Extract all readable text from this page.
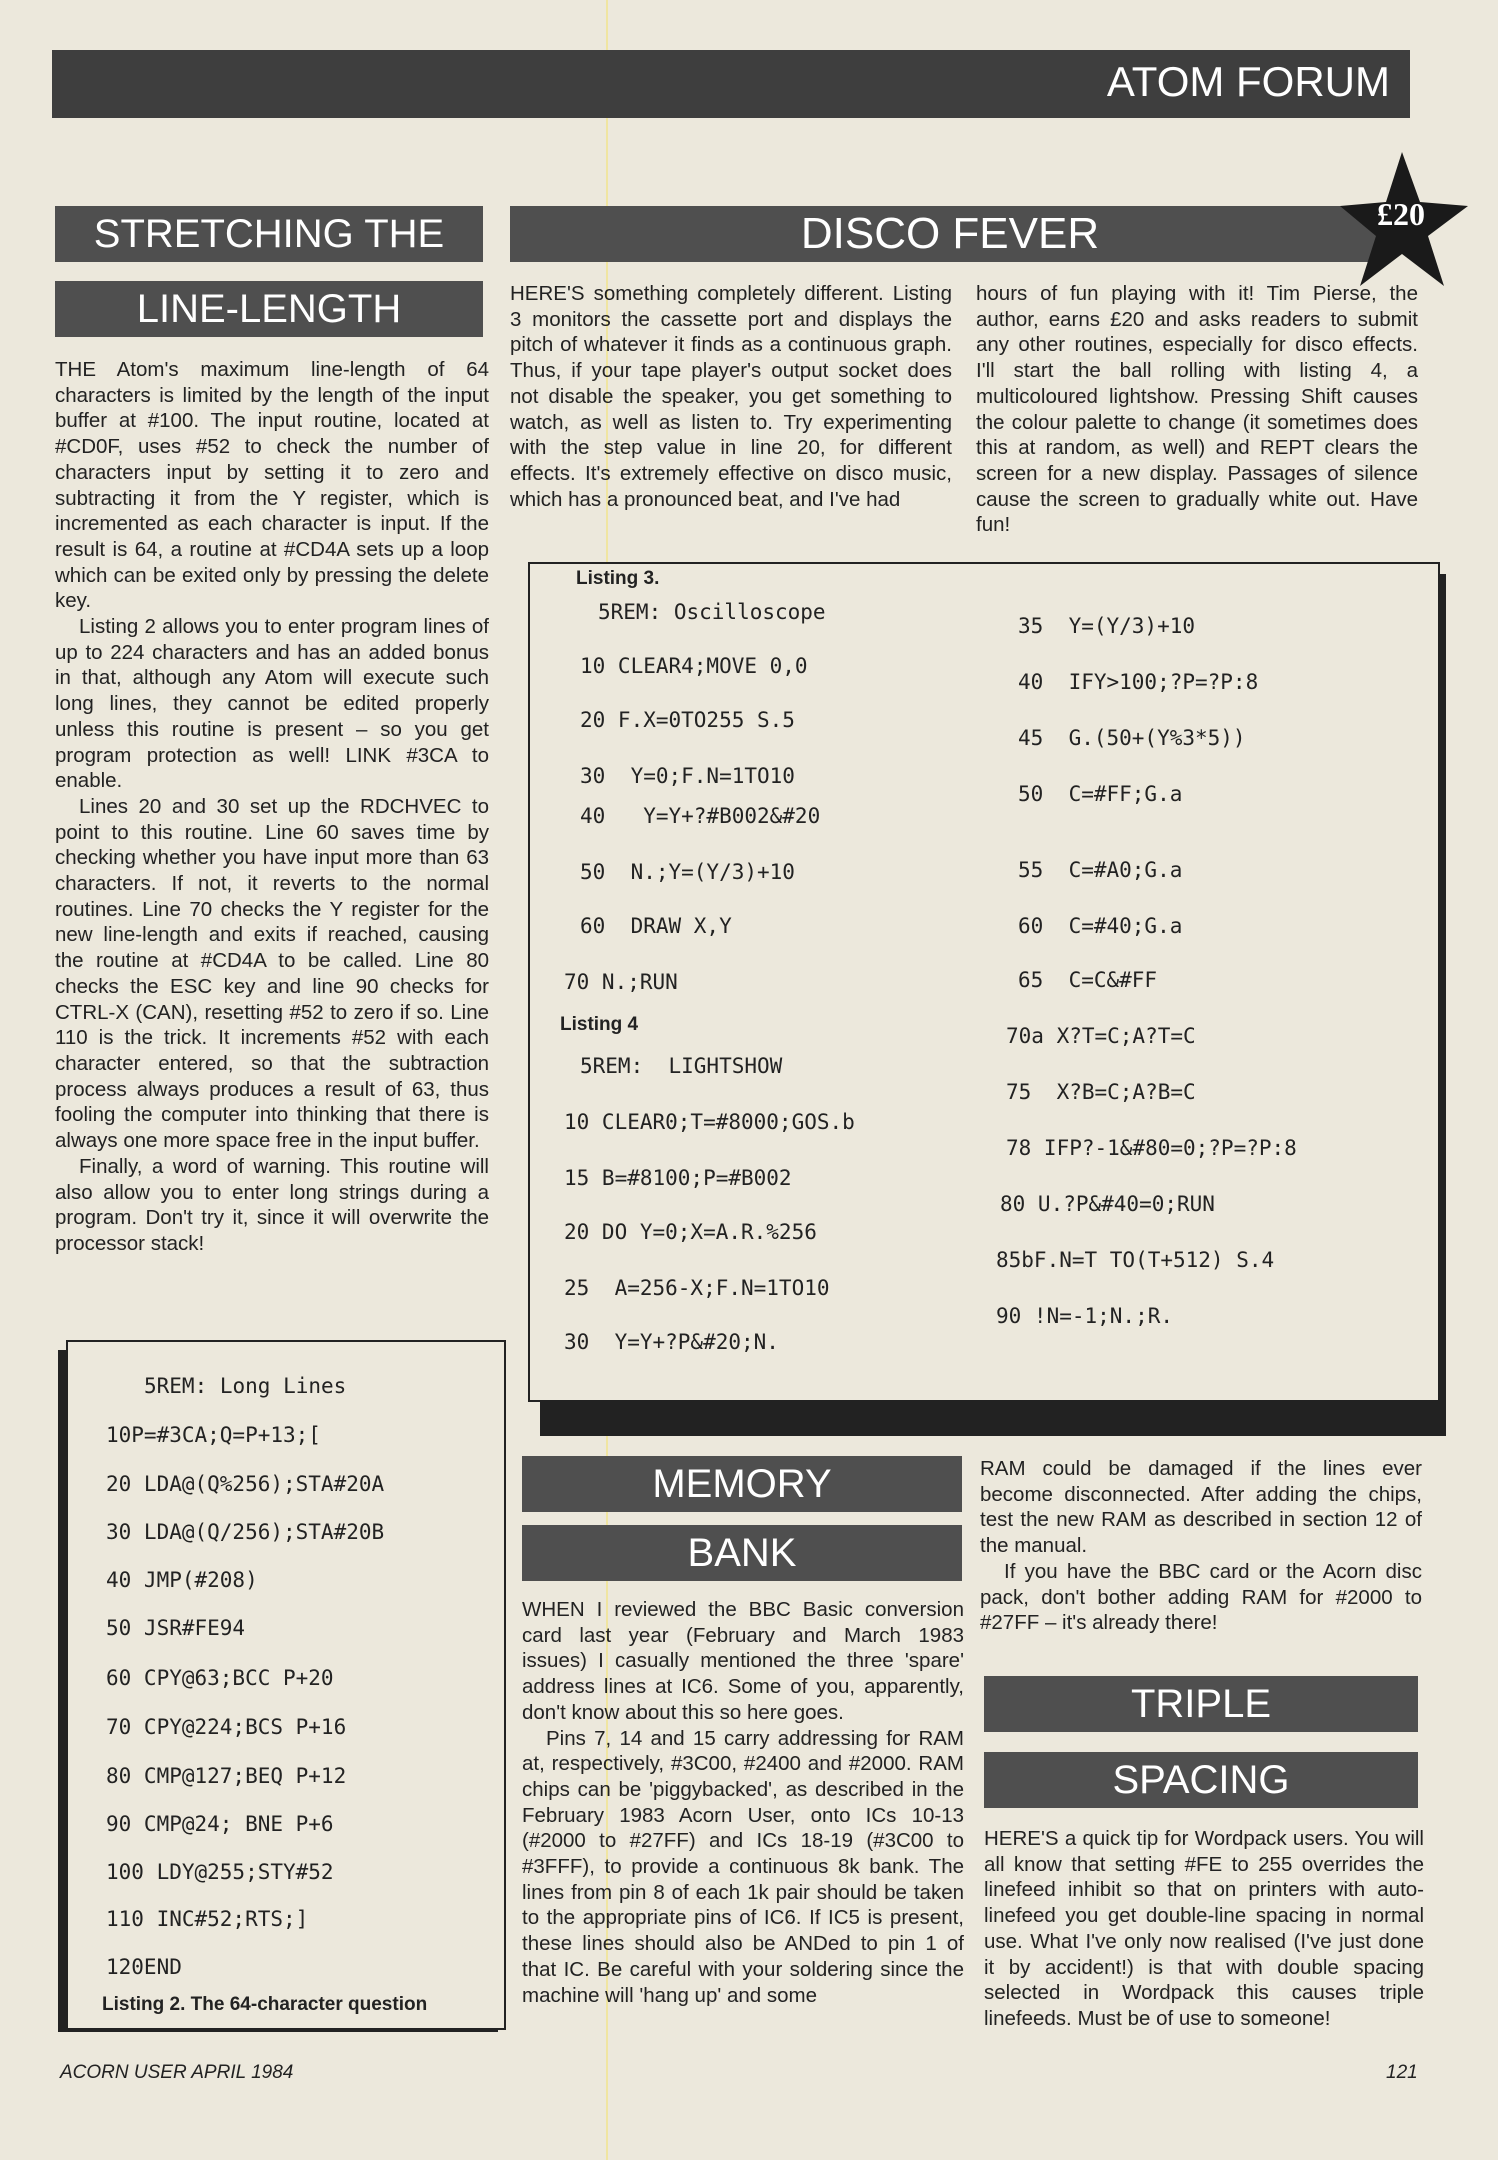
ATOM FORUM
STRETCHING THE
LINE-LENGTH

THE Atom's maximum line-length of 64 characters is limited by the length of the input buffer at #100. The input routine, located at #CD0F, uses #52 to check the number of characters input by setting it to zero and subtracting it from the Y register, which is incremented as each character is input. If the result is 64, a routine at #CD4A sets up a loop which can be exited only by pressing the delete key.

Listing 2 allows you to enter program lines of up to 224 characters and has an added bonus in that, although any Atom will execute such long lines, they cannot be edited properly unless this routine is present – so you get program protection as well! LINK #3CA to enable.

Lines 20 and 30 set up the RDCHVEC to point to this routine. Line 60 saves time by checking whether you have input more than 63 characters. If not, it reverts to the normal routines. Line 70 checks the Y register for the new line-length and exits if reached, causing the routine at #CD4A to be called. Line 80 checks the ESC key and line 90 checks for CTRL-X (CAN), resetting #52 to zero if so. Line 110 is the trick. It increments #52 with each character entered, so that the subtraction process always produces a result of 63, thus fooling the computer into thinking that there is always one more space free in the input buffer.

Finally, a word of warning. This routine will also allow you to enter long strings during a program. Don't try it, since it will overwrite the processor stack!

5REM: Long Lines
10P=#3CA;Q=P+13;[
20 LDA@(Q%256);STA#20A
30 LDA@(Q/256);STA#20B
40 JMP(#208)
50 JSR#FE94
60 CPY@63;BCC P+20
70 CPY@224;BCS P+16
80 CMP@127;BEQ P+12
90 CMP@24; BNE P+6
100 LDY@255;STY#52
110 INC#52;RTS;]
120END
Listing 2. The 64-character question
DISCO FEVER	£20

HERE'S something completely different. Listing 3 monitors the cassette port and displays the pitch of whatever it finds as a continuous graph. Thus, if your tape player's output socket does not disable the speaker, you get something to watch, as well as listen to. Try experimenting with the step value in line 20, for different effects. It's extremely effective on disco music, which has a pronounced beat, and I've had

hours of fun playing with it! Tim Pierse, the author, earns £20 and asks readers to submit any other routines, especially for disco effects. I'll start the ball rolling with listing 4, a multicoloured lightshow. Pressing Shift causes the colour palette to change (it sometimes does this at random, as well) and REPT clears the screen for a new display. Passages of silence cause the screen to gradually white out. Have fun!

Listing 3.
5REM: Oscilloscope
10 CLEAR4;MOVE 0,0
20 F.X=0TO255 S.5
30  Y=0;F.N=1TO10
40   Y=Y+?#B002&#20
50  N.;Y=(Y/3)+10
60  DRAW X,Y
70 N.;RUN
Listing 4
5REM:  LIGHTSHOW
10 CLEAR0;T=#8000;GOS.b
15 B=#8100;P=#B002
20 DO Y=0;X=A.R.%256
25  A=256-X;F.N=1TO10
30  Y=Y+?P&#20;N.
35  Y=(Y/3)+10
40  IFY>100;?P=?P:8
45  G.(50+(Y%3*5))
50  C=#FF;G.a
55  C=#A0;G.a
60  C=#40;G.a
65  C=C&#FF
70a X?T=C;A?T=C
75  X?B=C;A?B=C
78 IFP?-1&#80=0;?P=?P:8
80 U.?P&#40=0;RUN
85bF.N=T TO(T+512) S.4
90 !N=-1;N.;R.
MEMORY
BANK

WHEN I reviewed the BBC Basic conversion card last year (February and March 1983 issues) I casually mentioned the three 'spare' address lines at IC6. Some of you, apparently, don't know about this so here goes.

Pins 7, 14 and 15 carry addressing for RAM at, respectively, #3C00, #2400 and #2000. RAM chips can be 'piggybacked', as described in the February 1983 Acorn User, onto ICs 10-13 (#2000 to #27FF) and ICs 18-19 (#3C00 to #3FFF), to provide a continuous 8k bank. The lines from pin 8 of each 1k pair should be taken to the appropriate pins of IC6. If IC5 is present, these lines should also be ANDed to pin 1 of that IC. Be careful with your soldering since the machine will 'hang up' and some

RAM could be damaged if the lines ever become disconnected. After adding the chips, test the new RAM as described in section 12 of the manual.

If you have the BBC card or the Acorn disc pack, don't bother adding RAM for #2000 to #27FF – it's already there!

TRIPLE
SPACING

HERE'S a quick tip for Wordpack users. You will all know that setting #FE to 255 overrides the linefeed inhibit so that on printers with auto-linefeed you get double-line spacing in normal use. What I've only now realised (I've just done it by accident!) is that with double spacing selected in Wordpack this causes triple linefeeds. Must be of use to someone!

ACORN USER APRIL 1984	121
